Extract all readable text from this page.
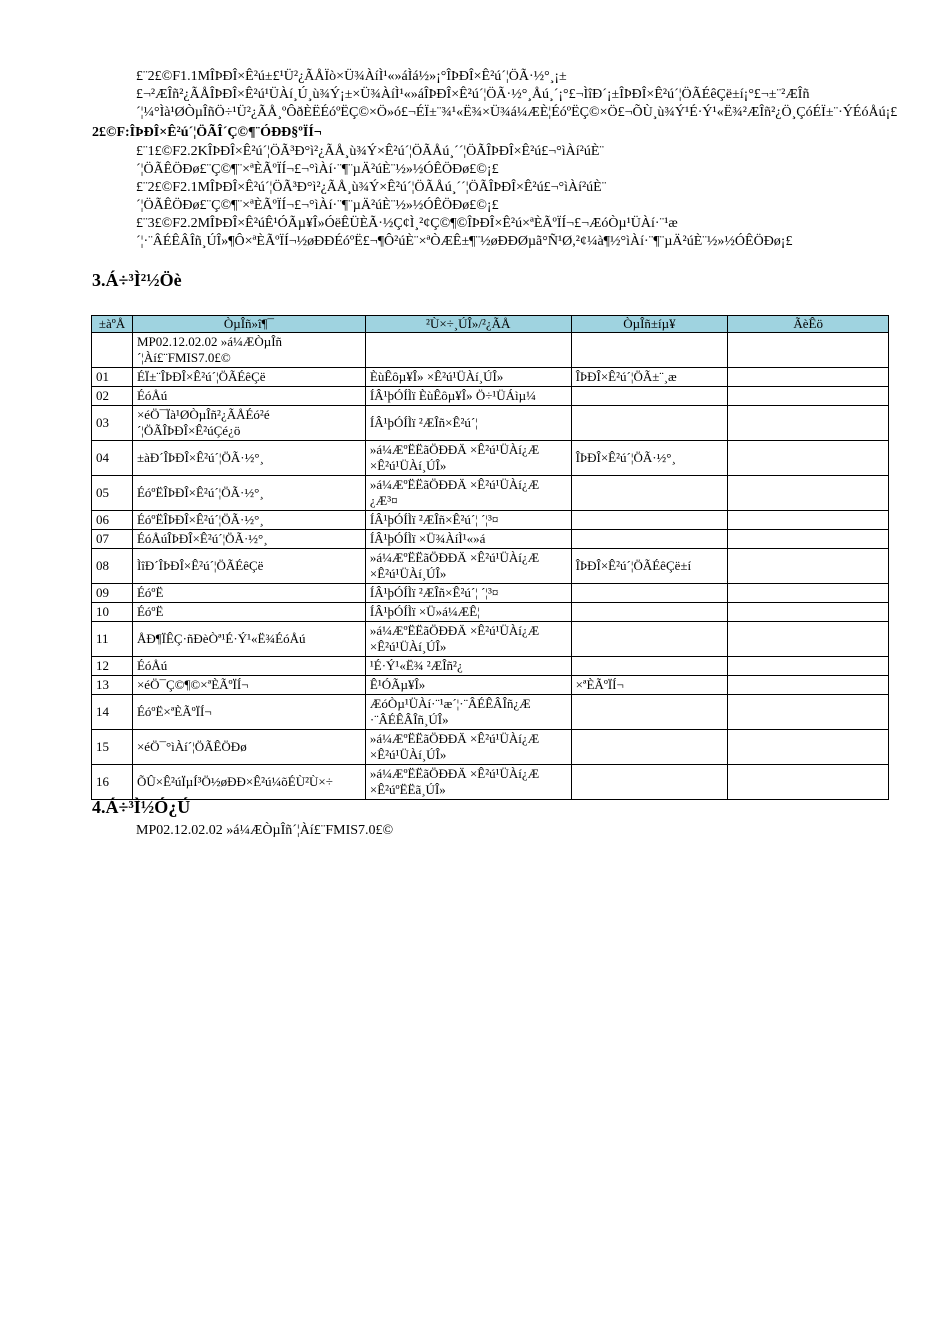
£¨2£©F1.1MÎÞÐÎ×Ê²ú±£¹Ü²¿ÃÅÏò×Ü¾ÀíÌ¹«»áÌá½»¡°ÎÞÐÎ×Ê²ú´¦ÖÃ·½°¸¡±£¬²ÆÎñ²¿ÃÅÎÞÐÎ×Ê²ú¹ÜÀí¸Ú¸ù¾Ý¡±×Ü¾ÀíÌ¹«»áÎÞÐÎ×Ê²ú´¦ÖÃ·½°¸Åú¸´¡°£¬ÌîÐ´¡±ÎÞÐÎ×Ê²ú´¦ÖÃÉêÇë±í¡°£¬±¨²ÆÎñ´¦¼°Ìà¹ØÒµÎñÖ÷¹Ü²¿ÃÅ¸ºÔðÈËÉóºËÇ©×Ö»ó£¬ÉÏ±¨¾¹«Ë¾×Ü¾á¼ÆÈ¦ÉóºËÇ©×Ö£¬ÕÙ¸ù¾Ý¹É·Ý¹«Ë¾²ÆÎñ²¿Ö¸ÇóÉÏ±¨·ÝÉóÅú¡£
2£©F:ÎÞÐÎ×Ê²ú´¦ÖÃÎ´Ç©¶¨ÓÐÐ§ºÏÍ¬
£¨1£©F2.2KÎÞÐÎ×Ê²ú´¦ÖÃ³Ð°ì²¿ÃÅ¸ù¾Ý×Ê²ú´¦ÖÃÅú¸´´¦ÖÃÎÞÐÎ×Ê²ú£¬°ìÀí²úÈ¨´¦ÖÃÊÖÐø£¨Ç©¶¨×ªÈÃºÏÍ¬£¬°ìÀí·¨¶¨µÄ²úÈ¨½»½ÓÊÖÐø£©¡£
£¨2£©F2.1MÎÞÐÎ×Ê²ú´¦ÖÃ³Ð°ì²¿ÃÅ¸ù¾Ý×Ê²ú´¦ÖÃÅú¸´´¦ÖÃÎÞÐÎ×Ê²ú£¬°ìÀí²úÈ¨´¦ÖÃÊÖÐø£¨Ç©¶¨×ªÈÃºÏÍ¬£¬°ìÀí·¨¶¨µÄ²úÈ¨½»½ÓÊÖÐø£©¡£
£¨3£©F2.2MÎÞÐÎ×Ê²úÊ¹ÓÃµ¥Î»ÓëÊÜÈÃ·½Ç¢Ì¸²¢Ç©¶©ÎÞÐÎ×Ê²ú×ªÈÃºÏÍ¬£¬ÆóÒµ¹ÜÀí·¨¹æ´¦·¨ÂÉÊÂÎñ¸ÚÎ»¶Ô×ªÈÃºÏÍ¬½øÐÐÉóºË£¬¶Ô²úÈ¨×ªÒÆÊ±¶¨½øÐÐØµã°Ñ¹Ø,²¢¼à¶½°ìÀí·¨¶¨µÄ²úÈ¨½»½ÓÊÖÐø¡£
3.Á÷³Ì²½Öè
±àºÅ	ÒµÎñ»î¶¯	²Ù×÷¸ÚÎ»/²¿ÃÅ	ÒµÎñ±íµ¥	ÃèÊö
	MP02.12.02.02 »á¼ÆÒµÎñ´¦Àí£¨FMIS7.0£©			
01	ÉÏ±¨ÎÞÐÎ×Ê²ú´¦ÖÃÉêÇë	ÈùÊôµ¥Î» ×Ê²ú¹ÜÀí¸ÚÎ»	ÎÞÐÎ×Ê²ú´¦ÖÃ±¨¸æ	
02	ÉóÅú	ÍÂ¹þÓÍÌï ÈùÊôµ¥Î» Ö÷¹ÜÁìµ¼		
03	×éÖ¯Ïà¹ØÒµÎñ²¿ÃÅÉó²é´¦ÖÃÎÞÐÎ×Ê²úÇé¿ö	ÍÂ¹þÓÍÌï ²ÆÎñ×Ê²ú´¦		
04	±àÐ´ÎÞÐÎ×Ê²ú´¦ÖÃ·½°¸	»á¼ÆºËËãÖÐÐÄ ×Ê²ú¹ÜÀí¿Æ ×Ê²ú¹ÜÀí¸ÚÎ»	ÎÞÐÎ×Ê²ú´¦ÖÃ·½°¸	
05	ÉóºËÎÞÐÎ×Ê²ú´¦ÖÃ·½°¸	»á¼ÆºËËãÖÐÐÄ ×Ê²ú¹ÜÀí¿Æ ¿Æ³¤		
06	ÉóºËÎÞÐÎ×Ê²ú´¦ÖÃ·½°¸	ÍÂ¹þÓÍÌï ²ÆÎñ×Ê²ú´¦ ´¦³¤		
07	ÉóÅúÎÞÐÎ×Ê²ú´¦ÖÃ·½°¸	ÍÂ¹þÓÍÌï ×Ü¾ÀíÌ¹«»á		
08	ÌîÐ´ÎÞÐÎ×Ê²ú´¦ÖÃÉêÇë	»á¼ÆºËËãÖÐÐÄ ×Ê²ú¹ÜÀí¿Æ ×Ê²ú¹ÜÀí¸ÚÎ»	ÎÞÐÎ×Ê²ú´¦ÖÃÉêÇë±í	
09	ÉóºË	ÍÂ¹þÓÍÌï ²ÆÎñ×Ê²ú´¦ ´¦³¤		
10	ÉóºË	ÍÂ¹þÓÍÌï ×Ü»á¼ÆÊ¦		
11	ÅÐ¶ÏÊÇ·ñÐèÒª¹É·Ý¹«Ë¾ÉóÅú	»á¼ÆºËËãÖÐÐÄ ×Ê²ú¹ÜÀí¿Æ ×Ê²ú¹ÜÀí¸ÚÎ»		
12	ÉóÅú	¹É·Ý¹«Ë¾ ²ÆÎñ²¿		
13	×éÖ¯Ç©¶©×ªÈÃºÏÍ¬	Ê¹ÓÃµ¥Î»	×ªÈÃºÏÍ¬	
14	ÉóºË×ªÈÃºÏÍ¬	ÆóÒµ¹ÜÀí·¨¹æ´¦·¨ÂÉÊÂÎñ¿Æ ·¨ÂÉÊÂÎñ¸ÚÎ»		
15	×éÖ¯°ìÀí´¦ÖÃÊÖÐø	»á¼ÆºËËãÖÐÐÄ ×Ê²ú¹ÜÀí¿Æ ×Ê²ú¹ÜÀí¸ÚÎ»		
16	ÕÛ×Ê²úÏµÍ³Ö½øÐÐ×Ê²ú¼õÉÙ²Ù×÷	»á¼ÆºËËãÖÐÐÄ ×Ê²ú¹ÜÀí¿Æ ×Ê²úºËËã¸ÚÎ»		
4.Á÷³Ì½Ó¿Ú
MP02.12.02.02 »á¼ÆÒµÎñ´¦Àí£¨FMIS7.0£©
